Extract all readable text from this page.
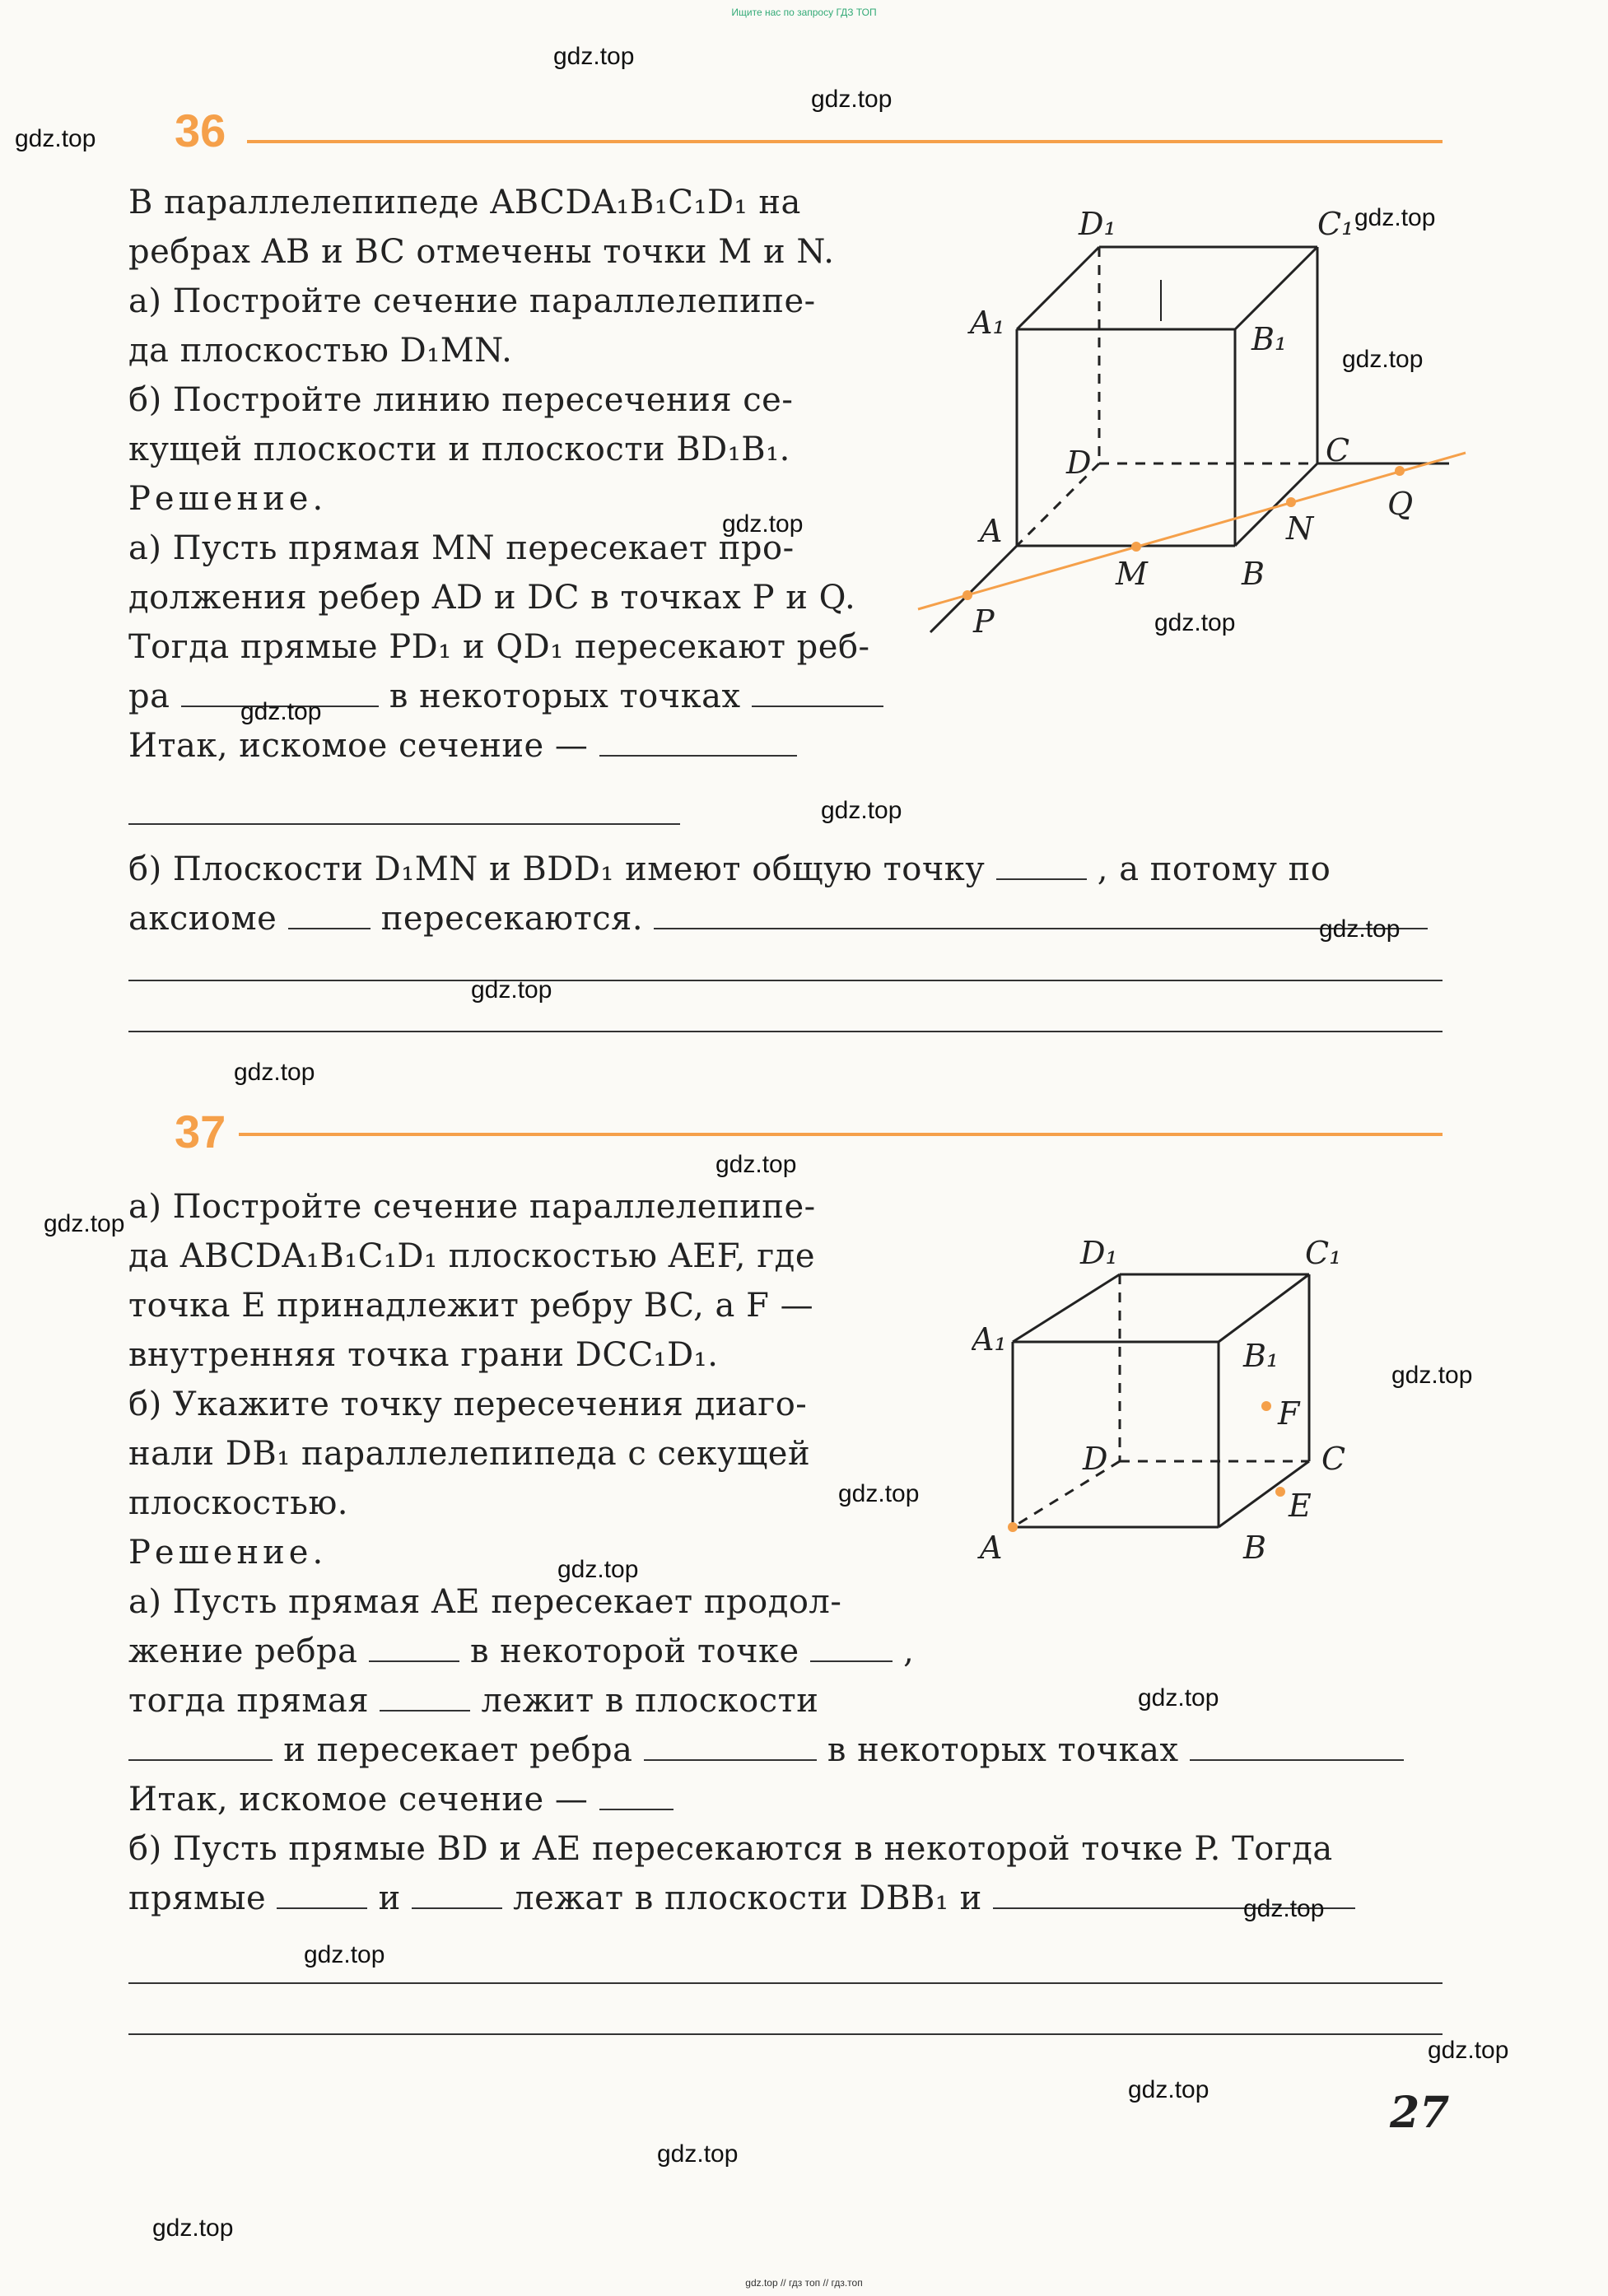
Ищите нас по запросу ГДЗ ТОП
36
В параллелепипеде ABCDA₁B₁C₁D₁ на
ребрах AB и BC отмечены точки M и N.
а) Постройте сечение параллелепипе-
да плоскостью D₁MN.
б) Постройте линию пересечения се-
кущей плоскости и плоскости BD₁B₁.
Решение.
а) Пусть прямая MN пересекает про-
должения ребер AD и DC в точках P и Q.
Тогда прямые PD₁ и QD₁ пересекают реб-
ра	в некоторых точках
Итак, искомое сечение —
б) Плоскости D₁MN и BDD₁ имеют общую точку	, а потому по
аксиоме	пересекаются.
D₁	C₁
A₁	B₁
D	C
A
B
M
N
Q
P
37
а) Постройте сечение параллелепипе-
да ABCDA₁B₁C₁D₁ плоскостью AEF, где
точка E принадлежит ребру BC, а F —
внутренняя точка грани DCC₁D₁.
б) Укажите точку пересечения диаго-
нали DB₁ параллелепипеда с секущей
плоскостью.
Решение.
а) Пусть прямая AE пересекает продол-
жение ребра	в некоторой точке	,
тогда прямая	лежит в плоскости
и пересекает ребра	в некоторых точках
Итак, искомое сечение —
б) Пусть прямые BD и AE пересекаются в некоторой точке P. Тогда
прямые	и	лежат в плоскости DBB₁ и
D₁	C₁
A₁	B₁
F
D	C
E
A	B
27
gdz.top
gdz.top
gdz.top
gdz.top
gdz.top
gdz.top
gdz.top
gdz.top
gdz.top
gdz.top
gdz.top
gdz.top
gdz.top
gdz.top
gdz.top
gdz.top
gdz.top
gdz.top
gdz.top
gdz.top
gdz.top
gdz.top
gdz.top
gdz.top
gdz.top // гдз топ // гдз.топ
